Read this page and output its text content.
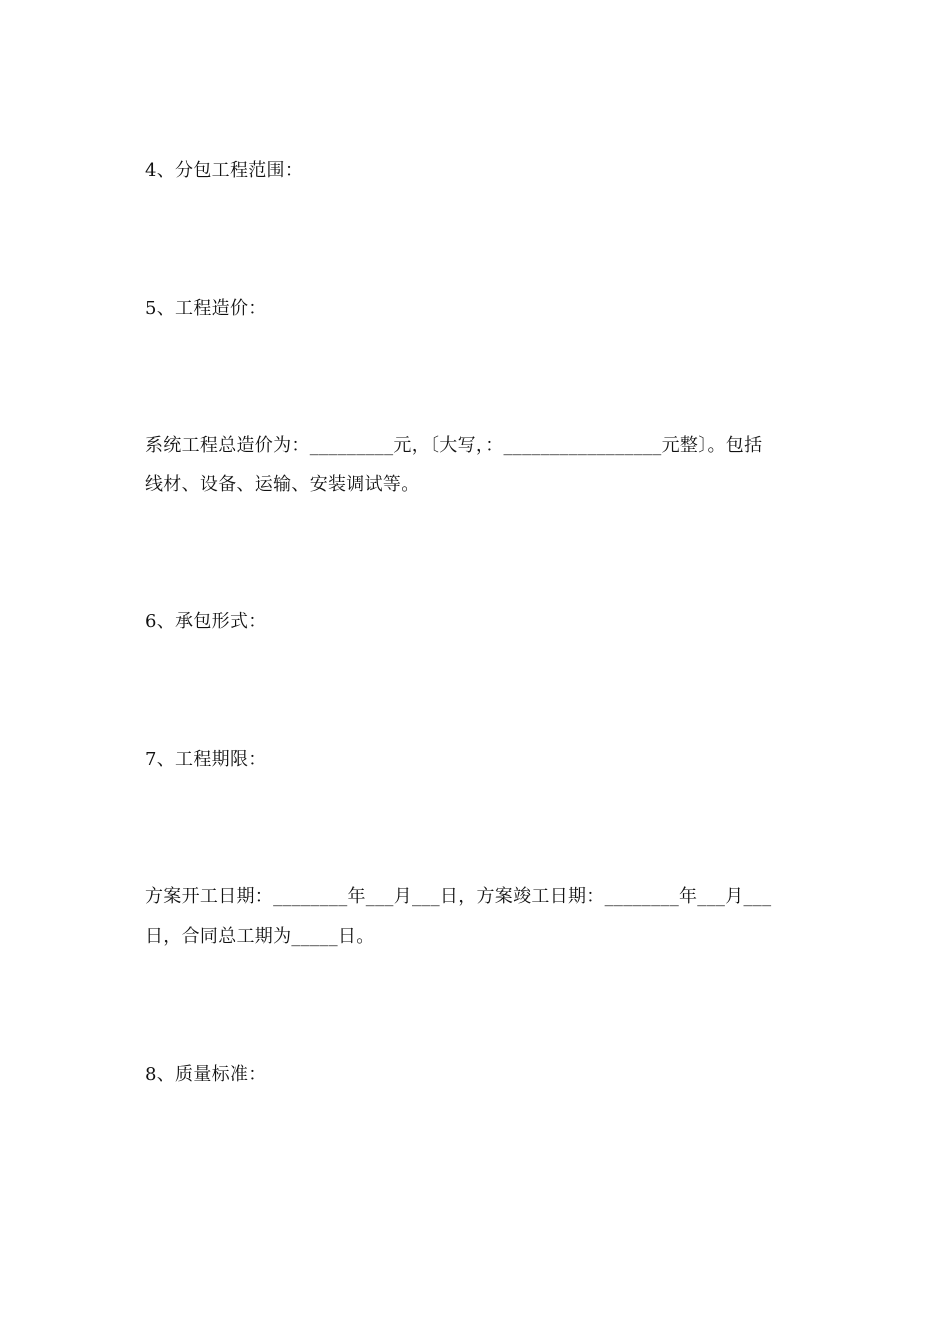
4、分包工程范围：
5、工程造价：
系统工程总造价为：_________元，〔大写，：_________________元整〕。包括
线材、设备、运输、安装调试等。
6、承包形式：
7、工程期限：
方案开工日期：________年___月___日，方案竣工日期：________年___月___
日，合同总工期为_____日。
8、质量标准：
